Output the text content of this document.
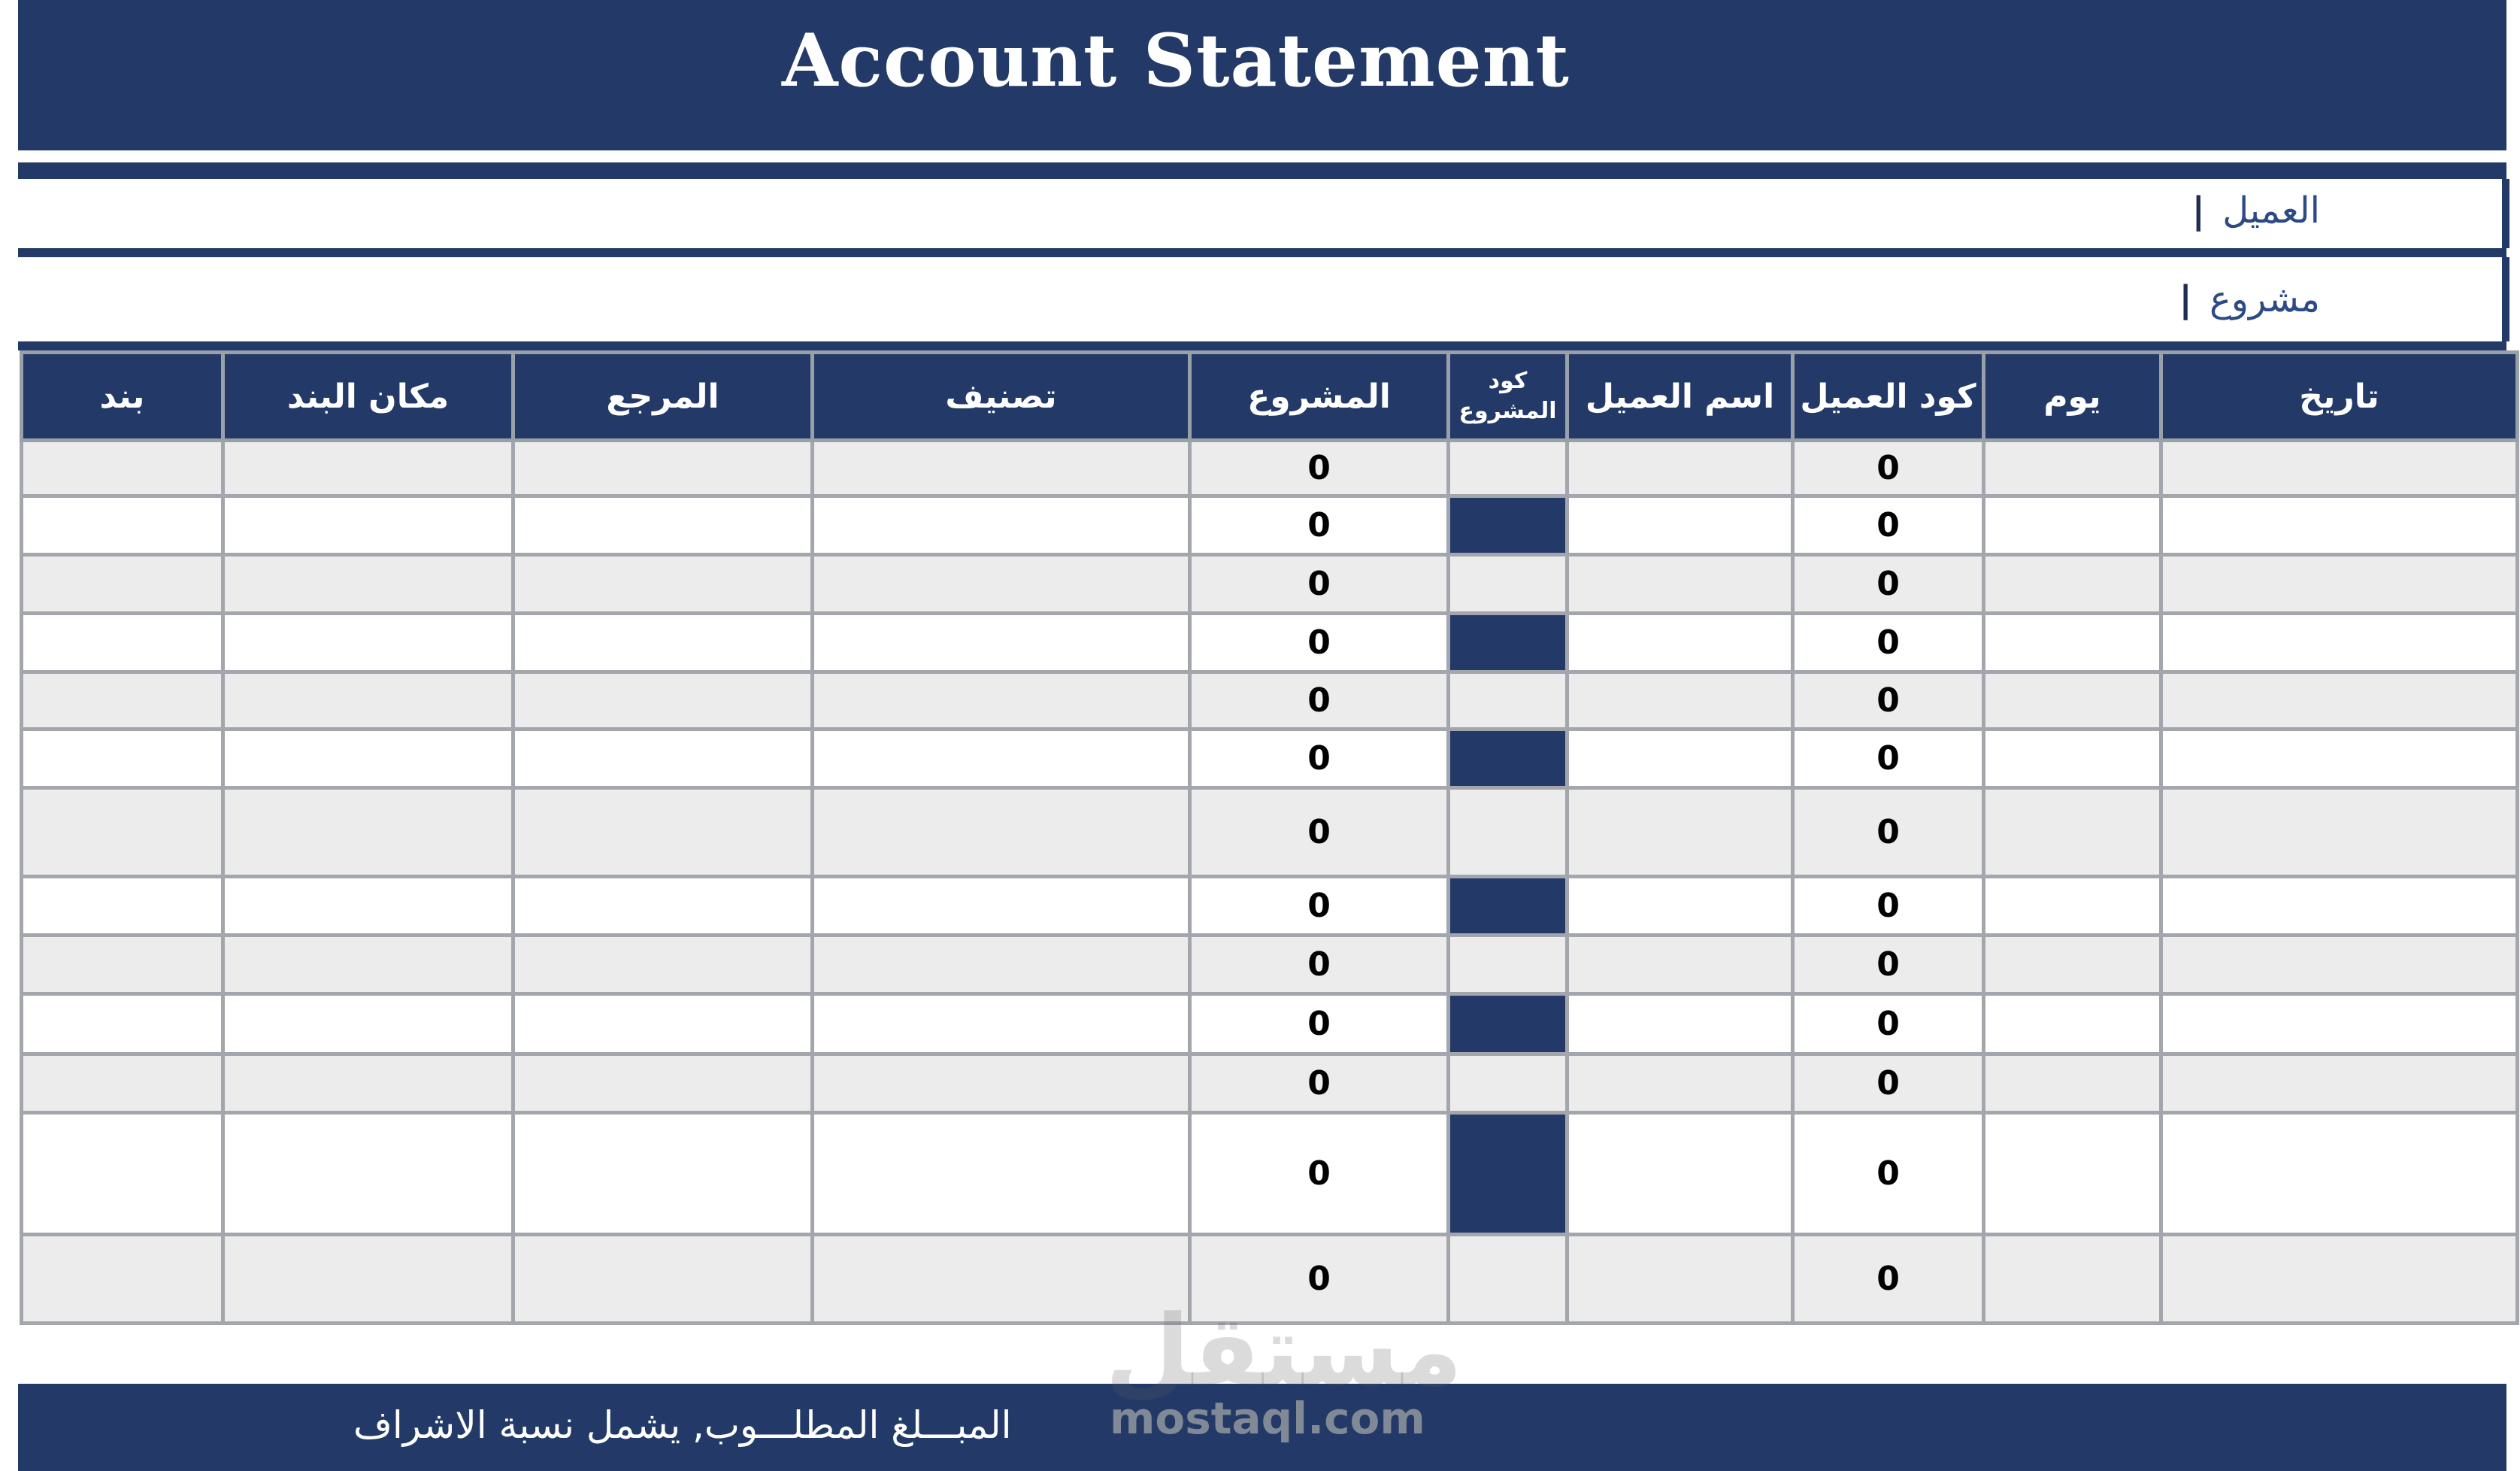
Account Statement
| العميل
| مشروع
بند	مكان البند	المرجع	تصنيف	المشروع	كود المشروع	اسم العميل	كود العميل	يوم	تاريخ
				0			0		
				0			0		
				0			0		
				0			0		
				0			0		
				0			0		
				0			0		
				0			0		
				0			0		
				0			0		
				0			0		
				0			0		
				0			0		
المبـــلغ المطلـــوب, يشمل نسبة الاشراف
مستقل
mostaql.com
